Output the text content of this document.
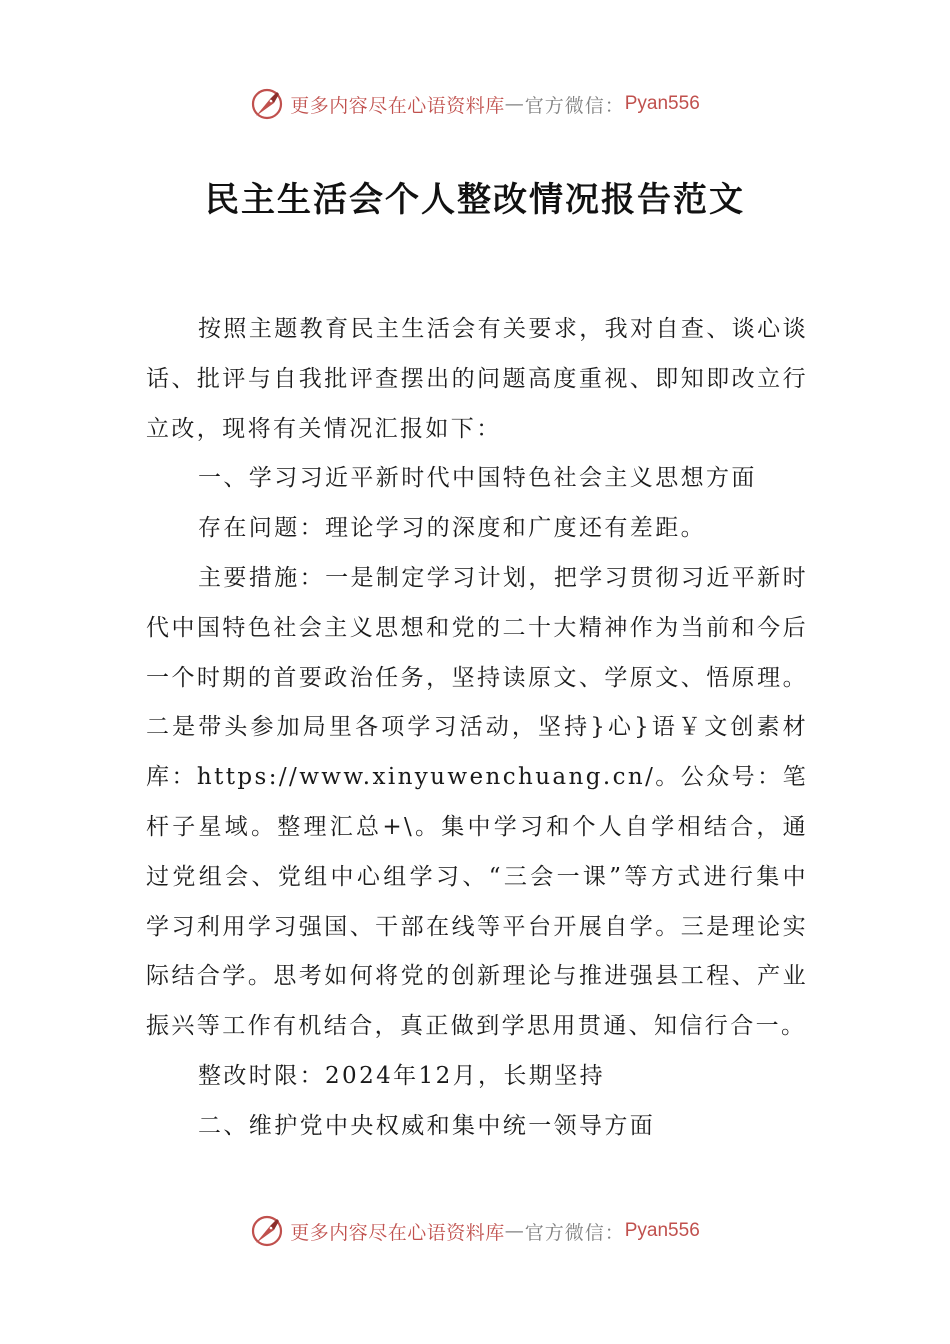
更多内容尽在心语资料库 — 官方微信： Pyan556
民主生活会个人整改情况报告范文

按照主题教育民主生活会有关要求，我对自查、谈心谈话、批评与自我批评查摆出的问题高度重视、即知即改立行立改，现将有关情况汇报如下：

一、学习习近平新时代中国特色社会主义思想方面

存在问题：理论学习的深度和广度还有差距。

主要措施：一是制定学习计划，把学习贯彻习近平新时代中国特色社会主义思想和党的二十大精神作为当前和今后一个时期的首要政治任务，坚持读原文、学原文、悟原理。二是带头参加局里各项学习活动，坚持}心}语￥文创素材库：https://www.xinyuwenchuang.cn/。公众号：笔杆子星域。整理汇总+\。集中学习和个人自学相结合，通过党组会、党组中心组学习、“三会一课”等方式进行集中学习利用学习强国、干部在线等平台开展自学。三是理论实际结合学。思考如何将党的创新理论与推进强县工程、产业振兴等工作有机结合，真正做到学思用贯通、知信行合一。

整改时限：2024年12月，长期坚持

二、维护党中央权威和集中统一领导方面

更多内容尽在心语资料库 — 官方微信： Pyan556
